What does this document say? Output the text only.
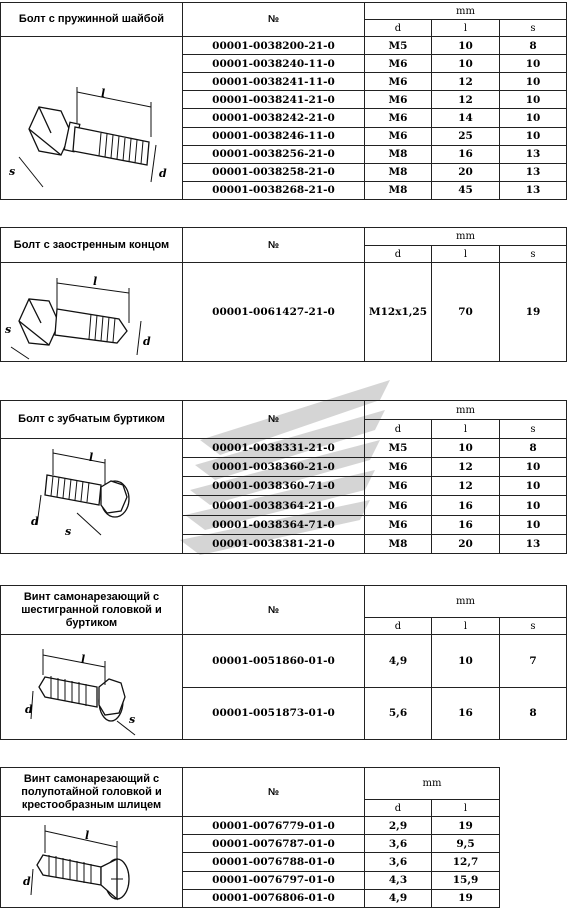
Болт с пружинной шайбой	№	mm		
		d	l	s

l
s d	00001-0038200-21-0	M5	10	8
	00001-0038240-11-0	M6	10	10
	00001-0038241-11-0	M6	12	10
	00001-0038241-21-0	M6	12	10
	00001-0038242-21-0	M6	14	10
	00001-0038246-11-0	M6	25	10
	00001-0038256-21-0	M8	16	13
	00001-0038258-21-0	M8	20	13
	00001-0038268-21-0	M8	45	13
Болт с заостренным концом	№	mm		
		d	l	s

l
s
d	00001-0061427-21-0	M12x1,25	70	19
Болт с зубчатым буртиком	№	mm		
		d	l	s

l
d
s	00001-0038331-21-0	M5	10	8
	00001-0038360-21-0	M6	12	10
	00001-0038360-71-0	M6	12	10
	00001-0038364-21-0	M6	16	10
	00001-0038364-71-0	M6	16	10
	00001-0038381-21-0	M8	20	13
Винт самонарезающий с шестигранной головкой и буртиком	№	mm		
		d	l	s

l
d
s	00001-0051860-01-0	4,9	10	7
	00001-0051873-01-0	5,6	16	8
Винт самонарезающий с полупотайной головкой и крестообразным шлицем	№	mm	
		d	l

l
d	00001-0076779-01-0	2,9	19
	00001-0076787-01-0	3,6	9,5
	00001-0076788-01-0	3,6	12,7
	00001-0076797-01-0	4,3	15,9
	00001-0076806-01-0	4,9	19
